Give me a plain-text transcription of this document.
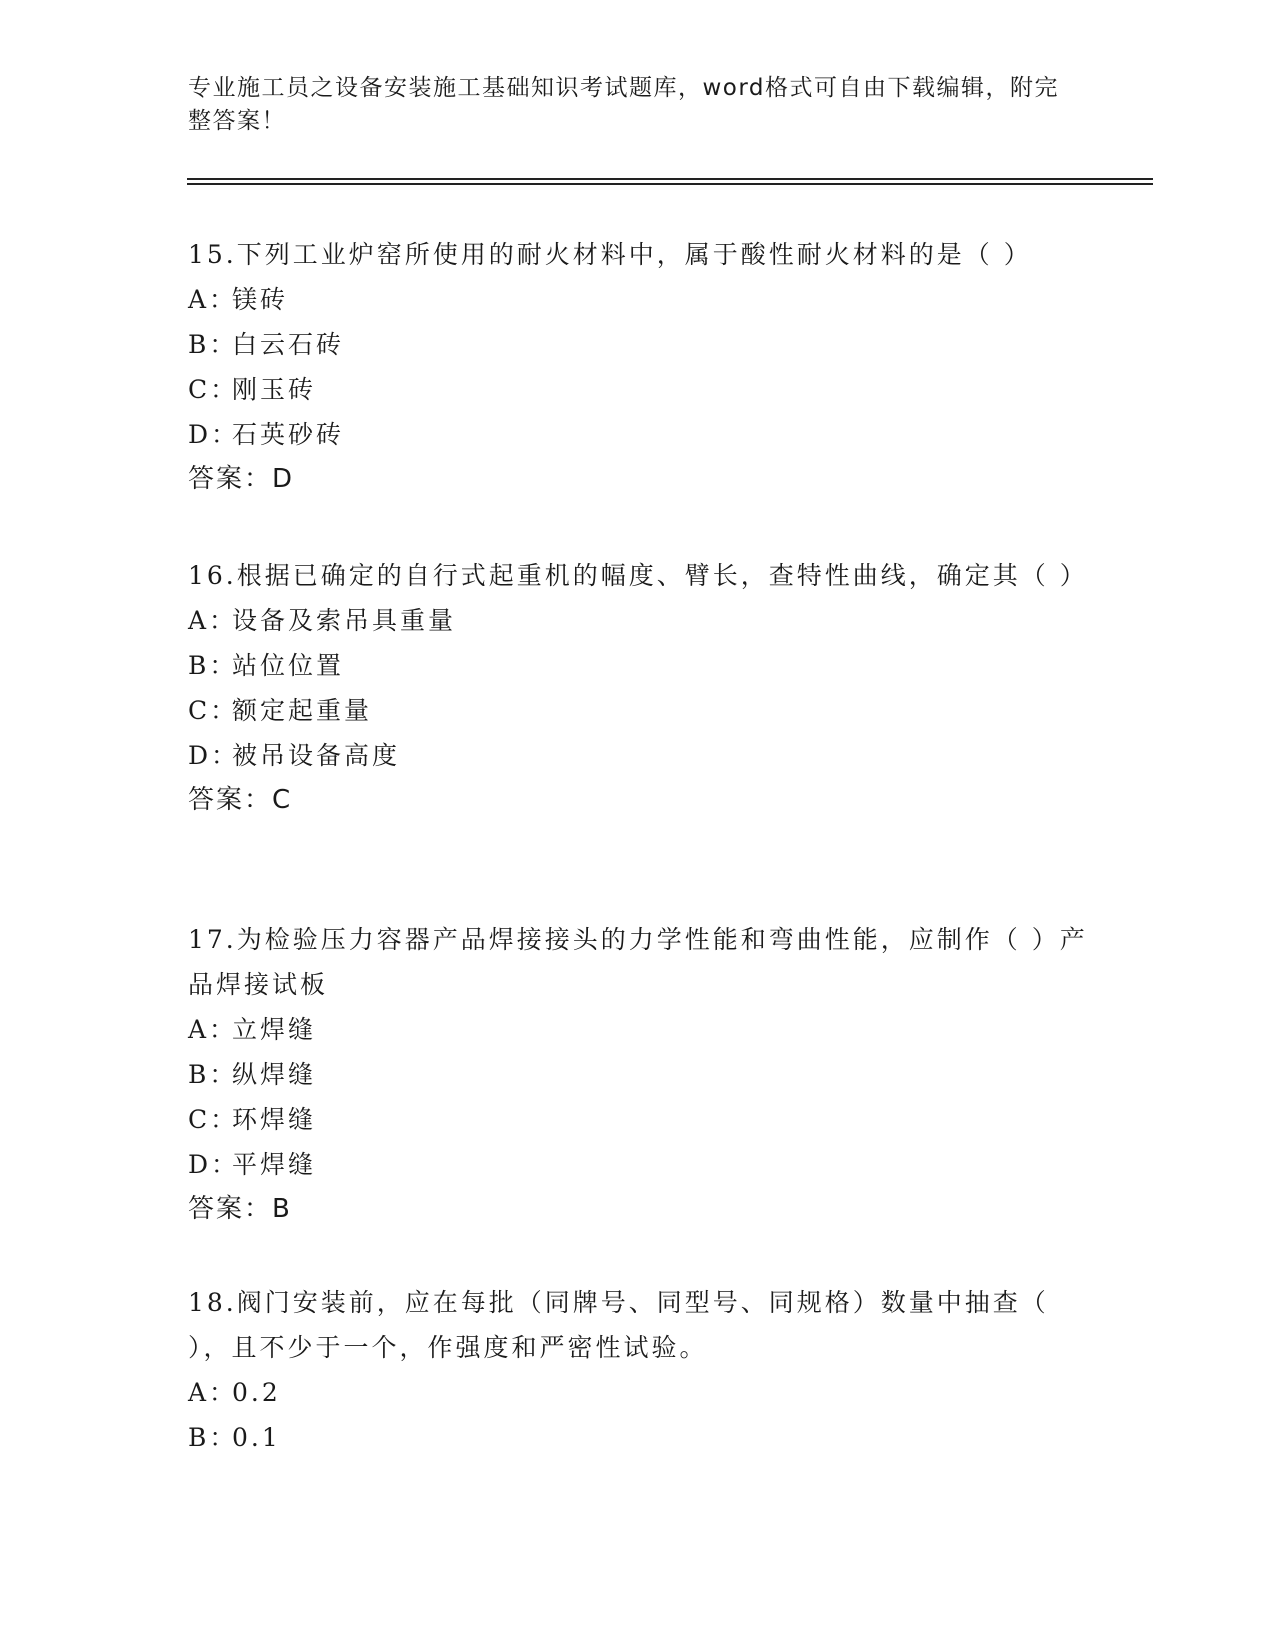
专业施工员之设备安装施工基础知识考试题库，word格式可自由下载编辑，附完
整答案！
15.下列工业炉窑所使用的耐火材料中，属于酸性耐火材料的是（ ）
A：镁砖
B：白云石砖
C：刚玉砖
D：石英砂砖
答案：D
16.根据已确定的自行式起重机的幅度、臂长，查特性曲线，确定其（ ）
A：设备及索吊具重量
B：站位位置
C：额定起重量
D：被吊设备高度
答案：C
17.为检验压力容器产品焊接接头的力学性能和弯曲性能，应制作（ ）产品焊接试板
A：立焊缝
B：纵焊缝
C：环焊缝
D：平焊缝
答案：B
18.阀门安装前，应在每批（同牌号、同型号、同规格）数量中抽查（ ），且不少于一个，作强度和严密性试验。
A：0.2
B：0.1
